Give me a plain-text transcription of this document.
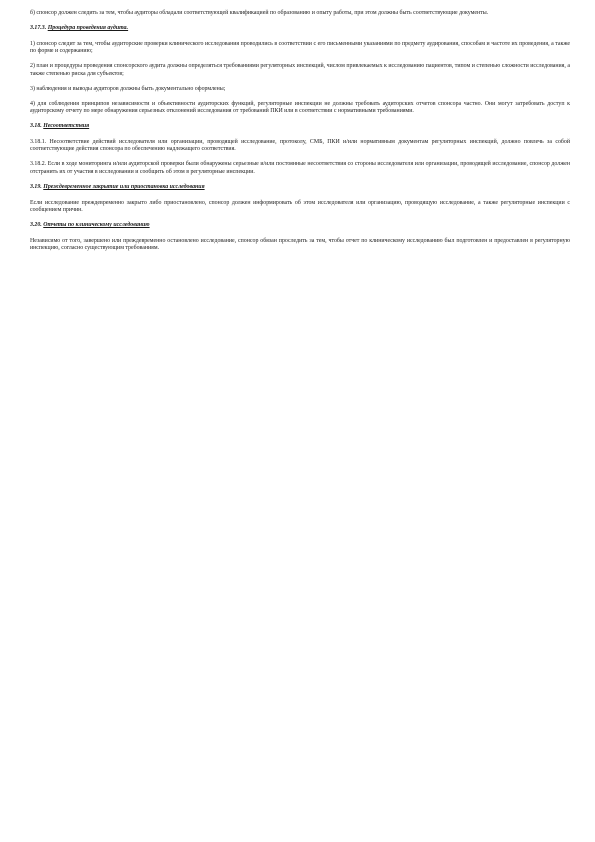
б) спонсор должен следить за тем, чтобы аудиторы обладали соответствующей квалификацией по образованию и опыту работы, при этом должны быть соответствующие документы.

3.17.3. Процедура проведения аудита.

1) спонсор следит за тем, чтобы аудиторские проверки клинического исследования проводились в соответствии с его письменными указаниями по предмету аудирования, способам и частоте их проведения, а также по форме и содержанию;

2) план и процедуры проведения спонсорского аудита должны определяться требованиями регуляторных инспекций, числом привлекаемых к исследованию пациентов, типом и степенью сложности исследования, а также степенью риска для субъектов;

3) наблюдения и выводы аудиторов должны быть документально оформлены;

4) для соблюдения принципов независимости и объективности аудиторских функций, регуляторные инспекции не должны требовать аудиторских отчетов спонсора частно. Они могут затребовать доступ к аудиторскому отчету по мере обнаружения серьезных отклонений исследования от требований ПКИ или в соответствии с нормативными требованиями.

3.18. Несоответствия

3.18.1. Несоответствие действий исследователя или организации, проводящей исследование, протоколу, СМБ, ПКИ и/или нормативным документам регуляторных инспекций, должно повлечь за собой соответствующие действия спонсора по обеспечению надлежащего соответствия.

3.18.2. Если в ходе мониторинга и/или аудиторской проверки были обнаружены серьезные и/или постоянные несоответствия со стороны исследователя или организации, проводящей исследование, спонсор должен отстранить их от участия в исследовании и сообщить об этом в регуляторные инспекции.

3.19. Преждевременное закрытие или приостановка исследования

Если исследование преждевременно закрыто либо приостановлено, спонсор должен информировать об этом исследователя или организацию, проводящую исследование, а также регуляторные инспекции с сообщением причин.

3.20. Отчеты по клиническому исследованию

Независимо от того, завершено или преждевременно остановлено исследование, спонсор обязан проследить за тем, чтобы отчет по клиническому исследованию был подготовлен и предоставлен в регуляторную инспекцию, согласно существующим требованиям.
